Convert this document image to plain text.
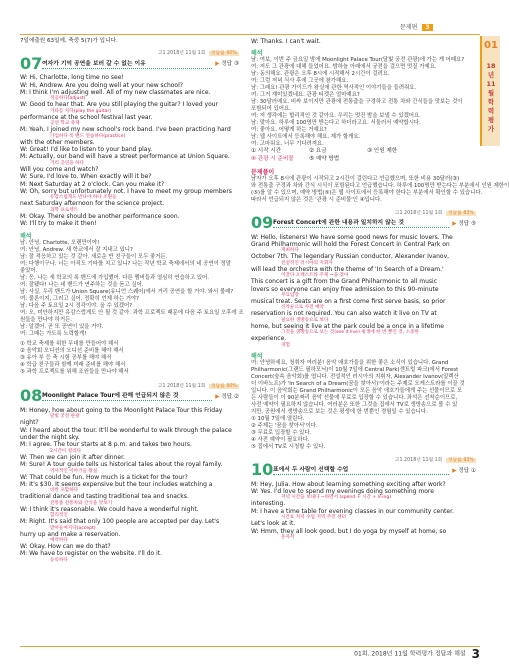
문제편 3
01
18년 11월 학력평가
7일에출원 63일에, 축중 5(7)가 입니다.
고1 2018년 11월 1회 정답률 90%
07 여자가 기억 공연을 보러 갈 수 없는 이유	▶ 정답 ③
W: Hi, Charlotte, long time no see!
W: Hi, Andrew. Are you doing well at your new school?
M: I think I'm adjusting well. All of my new classmates are nice.
적응하다(adjust)
W: Good to hear that. Are you still playing the guitar? I loved your
기타를 치다(play the guitar)
performance at the school festival last year.
공연 학교 축제
M: Yeah, I joined my new school's rock band. I've been practicing hard
가입하다 록 밴드 연습하다(practice)
with the other members.
W: Great! I'd like to listen to your band play.
M: Actually, our band will have a street performance at Union Square.
거리 공연을 하다
Will you come and watch?
W: Sure, I'd love to. When exactly will it be?
M: Next Saturday at 2 o'clock. Can you make it?
W: Oh, sorry but unfortunately not. I have to meet my group members
유감스럽게도 만나야 하다 조원들
next Saturday afternoon for the science project.
과학 프로젝트
M: Okay. There should be another performance soon.
W: I'll try to make it then!
해석
남: 안녕, Charlotte, 오랜만이야!
여: 안녕, Andrew. 새 학교에서 잘 지내고 있니?
남: 잘 적응하고 있는 것 같아. 새로운 반 친구들이 모두 좋거든.
여: 다행이구나. 너는 아직도 기타를 치고 있니? 나는 작년 학교 축제에서의 네 공연이 정말
좋았어.
남: 응, 나는 새 학교의 록 밴드에 가입했어. 다른 멤버들과 열심히 연습하고 있어.
여: 잘됐다! 나는 네 밴드가 연주하는 것을 듣고 싶어.
남: 사실, 우리 밴드가 Union Square(유니언 스퀘어)에서 거리 공연을 할 거야. 와서 볼래?
여: 물론이지, 그러고 싶어. 정확히 언제 하는 거야?
남: 다음 주 토요일 2시 정각이야. 올 수 있겠어?
여: 오, 미안하지만 유감스럽게도 안 될 것 같아. 과학 프로젝트 때문에 다음 주 토요일 오후에 조
원들을 만나야 하거든.
남: 알겠어. 곧 또 공연이 있을 거야.
여: 그때는 가도록 노력할게!
① 학교 축제를 위한 무대를 만들어야 해서
② 음악회 오디션의 오디션 준비를 해야 해서
③ 유아 부 등 축 시험 공부를 해야 해서
④ 학급 친구들과 함께 미래 준비를 해야 해서
⑤ 과학 프로젝트를 위해 조원들을 만나야 해서
고1 2018년 11월 1회 정답률 90%
08 Moonlight Palace Tour에 관해 언급되지 않은 것	▶ 정답 ②
M: Honey, how about going to the Moonlight Palace Tour this Friday
달빛 궁전 관광
night?
W: I heard about the tour. It'll be wonderful to walk through the palace
under the night sky.
M: I agree. The tour starts at 8 p.m. and takes two hours.
2시간이 걸리다
W: Then we can join it after dinner.
M: Sure! A tour guide tells us historical tales about the royal family.
역사적인 이야기들 왕실
W: That could be fun. How much is a ticket for the tour?
M: It's $30. It seems expensive but the tour includes watching a
비싼 포함하다
traditional dance and tasting traditional tea and snacks.
전통춤 전통차와 간식을 맛보기
W: I think it's reasonable. We could have a wonderful night.
합리적인
M: Right. It's said that only 100 people are accepted per day. Let's
받아들여지다(accept)
hurry up and make a reservation.
예약하다
W: Okay. How can we do that?
M: We have to register on the website. I'll do it.
등록하다
W: Thanks. I can't wait.
해석
남: 여보, 이번 주 금요일 밤에 Moonlight Palace Tour(달빛 궁전 관광)에 가는 게 어때요?
여: 저도 그 관광에 대해 들었어요. 밤하늘 아래에서 궁전을 걸으면 멋질 거예요.
남: 동의해요. 관광은 오후 8시에 시작해서 2시간이 걸려요.
여: 그럼 저녁 식사 후에 그곳에 참가해요.
남: 그래요! 관광 가이드가 왕실에 관한 역사적인 이야기들을 들려줘요.
여: 그거 재미있겠네요. 관광 티켓은 얼마예요?
남: 30달러예요. 비싸 보이지만 관광에 전통춤을 구경하고 전통 차와 간식들을 맛보는 것이
포함되어 있어요.
여: 저 생각에는 합리적인 것 같아요. 우리는 멋진 밤을 보낼 수 있겠어요.
남: 맞아요. 하루에 100명만 받는다고 하더라고요. 서둘러서 예약합시다.
여: 좋아요. 어떻게 하는 거예요?
남: 웹 사이트에서 등록해야 해요. 제가 할게요.
여: 고마워요. 너무 기다려져요.
① 시작 시간	② 요금	③ 인원 제한④ 관광 시 준비물	⑤ 예약 방법
문제풀이
남자가 오후 8시에 관광이 시작되고 2시간이 걸린다고 언급했으며, 또한 비용 30달러(③)
와 전통춤 구경과 차와 간식 시식이 포함된다고 언급했습니다. 하루에 100명만 받는다는 부분에서 인원 제한이
(⑤)를 알 수 있으며, 예약 방법(⑤)은 웹 사이트에서 등록해야 한다는 부분에서 확인할 수 있습니다.
따라서 언급되지 않은 것은 '관광 시 준비물'인 ④입니다.
고1 2018년 11월 1회 정답률 83%
09 Forest Concert에 관한 내용과 일치하지 않는 것	▶ 정답 ⑤
W: Hello, listeners! We have some good news for music lovers. The
Grand Philharmonic will hold the Forest Concert in Central Park on
개최하다
October 7th. The legendary Russian conductor, Alexander Ivanov,
전설적인 러시아의 지휘자
will lead the orchestra with the theme of 'In Search of a Dream.'
이끌다 오케스트라 주제 ~을 찾아
This concert is a gift from the Grand Philharmonic to all music
lovers so everyone can enjoy free admission to this 90-minute
무료입장
musical treat. Seats are on a first come first serve basis, so prior
선착순으로 사전 예약
reservation is not required. You can also watch it live on TV at
필요한 생방송으로 보다
home, but seeing it live at the park could be a once in a lifetime
그것을 생방송으로 보는 것(see it live) 평생에 한 번 뿐인 것, 소중한
experience.
경험
해석
여: 안녕하세요, 청취자 여러분! 음악 애호가들을 위한 좋은 소식이 있습니다. Grand
Philharmonic(그랜드 필하모닉)이 10월 7일에 Central Park(센트럴 파크)에서 Forest
Concert(숲속 음악회)를 엽니다. 전설적인 러시아의 지휘자, Alexander Ivanov(알렉산
더 이바노프)가 'In Search of a Dream(꿈을 찾아서)'이라는 주제로 오케스트라를 이끌 것
입니다. 이 음악회는 Grand Philharmonic이 모든 음악 애호가들에게 주는 선물이므로 모
든 사람들이 이 90분짜리 음악 선물에 무료로 입장할 수 있습니다. 좌석은 선착순이므로,
사전 예약이 필요하지 않습니다. 여러분은 또한 그것을 집에서 TV로 생방송으로 볼 수 있
지만, 공원에서 생방송으로 보는 것은 평생에 한 번뿐인 경험일 수 있습니다.
① 10월 7일에 열린다.
② 주제는 '꿈을 찾아서'이다.
③ 무료로 입장할 수 있다.
④ 사전 예약이 필요하다.
⑤ 집에서 TV로 시청할 수 있다.
고1 2018년 11월 1회 정답률 93%
10 표에서 두 사람이 선택할 수업	▶ 정답 ①
M: Hey, Julia. How about learning something exciting after work?
W: Yes. I'd love to spend my evenings doing something more
저녁 시간을 보내다 ~하면서 (spend + 시간 + V-ing)
interesting.
M: I have a time table for evening classes in our community center.
시간표 저녁 수업 지역 주민 센터
Let's look at it.
W: Hmm, they all look good, but I do yoga by myself at home, so
혼자서
01회. 2018년 11월 학력평가 정답과 해설 3
